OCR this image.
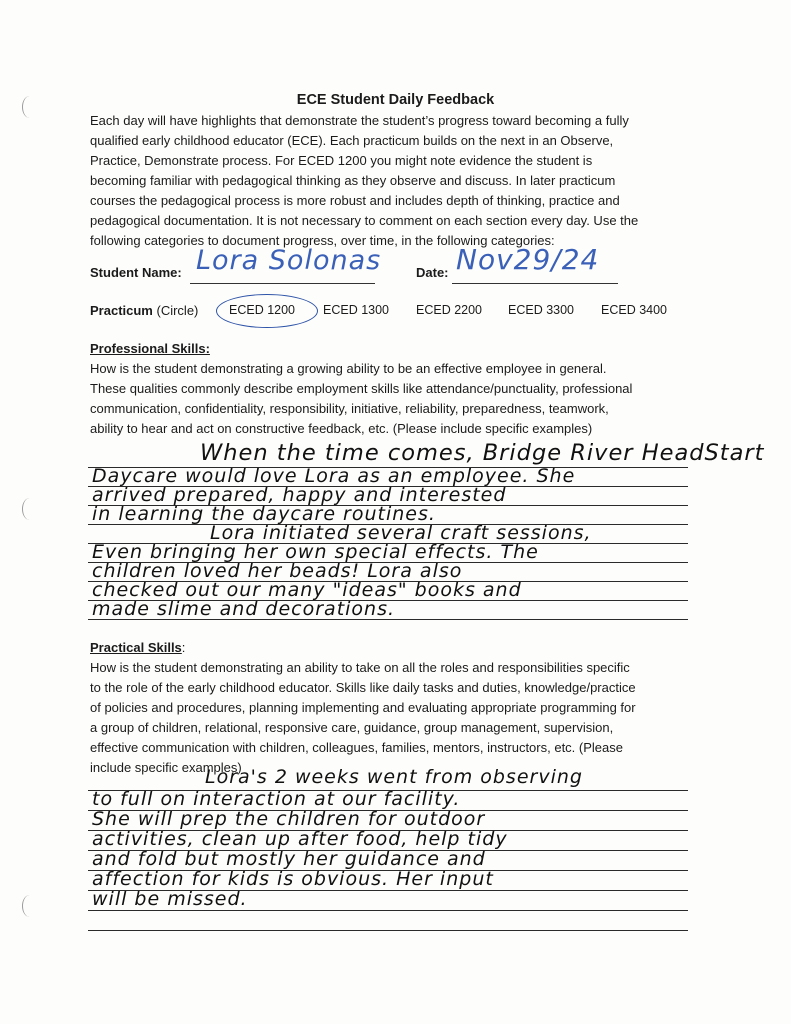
ECE Student Daily Feedback
Each day will have highlights that demonstrate the student’s progress toward becoming a fully
qualified early childhood educator (ECE). Each practicum builds on the next in an Observe,
Practice, Demonstrate process. For ECED 1200 you might note evidence the student is
becoming familiar with pedagogical thinking as they observe and discuss. In later practicum
courses the pedagogical process is more robust and includes depth of thinking, practice and
pedagogical documentation. It is not necessary to comment on each section every day. Use the
following categories to document progress, over time, in the following categories:
Student Name: Lora Solonas	Date: Nov29/24
Practicum (Circle) ECED 1200 ECED 1300 ECED 2200 ECED 3300 ECED 3400
Professional Skills:
How is the student demonstrating a growing ability to be an effective employee in general.
These qualities commonly describe employment skills like attendance/punctuality, professional
communication, confidentiality, responsibility, initiative, reliability, preparedness, teamwork,
ability to hear and act on constructive feedback, etc. (Please include specific examples)
When the time comes, Bridge River HeadStart
Daycare would love Lora as an employee. She
arrived prepared, happy and interested
in learning the daycare routines.
Lora initiated several craft sessions,
Even bringing her own special effects. The
children loved her beads! Lora also
checked out our many "ideas" books and
made slime and decorations.
Practical Skills:
How is the student demonstrating an ability to take on all the roles and responsibilities specific
to the role of the early childhood educator. Skills like daily tasks and duties, knowledge/practice
of policies and procedures, planning implementing and evaluating appropriate programming for
a group of children, relational, responsive care, guidance, group management, supervision,
effective communication with children, colleagues, families, mentors, instructors, etc. (Please
include specific examples)
Lora's 2 weeks went from observing
to full on interaction at our facility.
She will prep the children for outdoor
activities, clean up after food, help tidy
and fold but mostly her guidance and
affection for kids is obvious. Her input
will be missed.
